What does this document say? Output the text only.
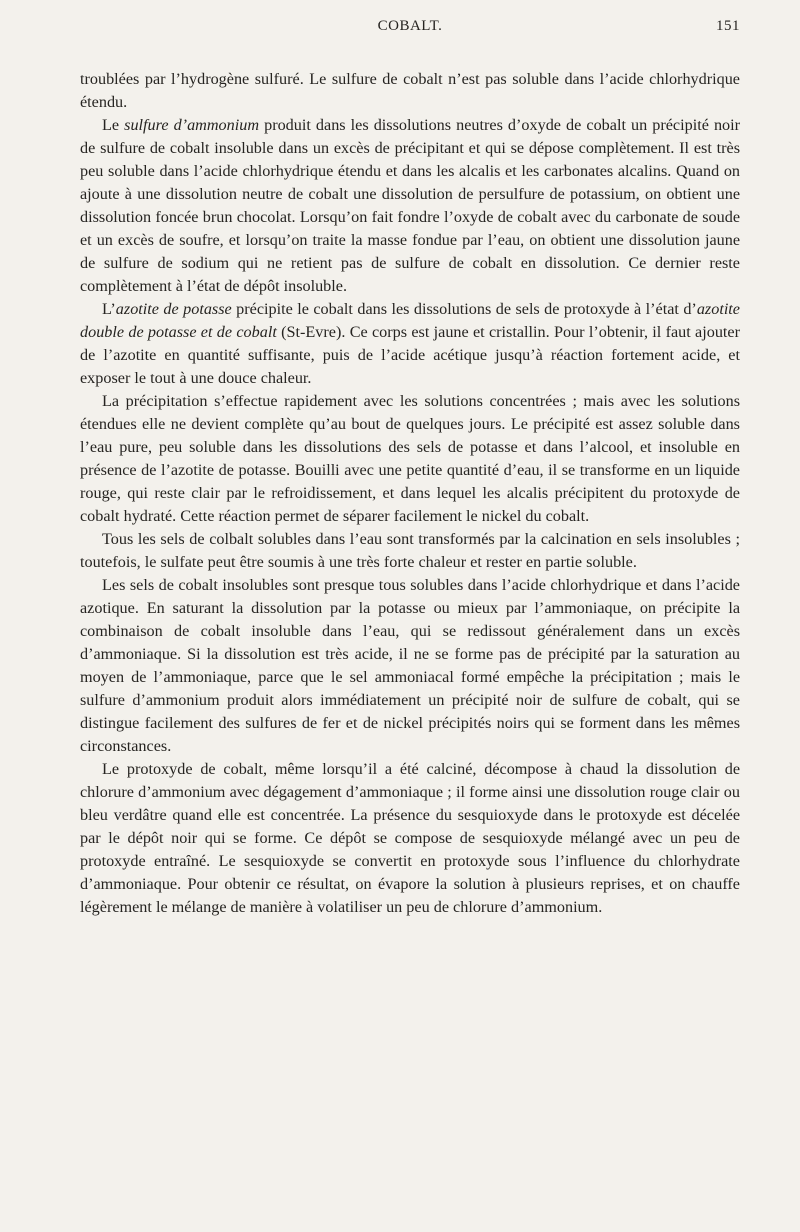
COBALT.	151

troublées par l’hydrogène sulfuré. Le sulfure de cobalt n’est pas soluble dans l’acide chlorhydrique étendu.

Le sulfure d’ammonium produit dans les dissolutions neutres d’oxyde de cobalt un précipité noir de sulfure de cobalt insoluble dans un excès de précipitant et qui se dépose complètement. Il est très peu soluble dans l’acide chlorhydrique étendu et dans les alcalis et les carbonates alcalins. Quand on ajoute à une dissolution neutre de cobalt une dissolution de persulfure de potassium, on obtient une dissolution foncée brun chocolat. Lorsqu’on fait fondre l’oxyde de cobalt avec du carbonate de soude et un excès de soufre, et lorsqu’on traite la masse fondue par l’eau, on obtient une dissolution jaune de sulfure de sodium qui ne retient pas de sulfure de cobalt en dissolution. Ce dernier reste complètement à l’état de dépôt insoluble.

L’azotite de potasse précipite le cobalt dans les dissolutions de sels de protoxyde à l’état d’azotite double de potasse et de cobalt (St-Evre). Ce corps est jaune et cristallin. Pour l’obtenir, il faut ajouter de l’azotite en quantité suffisante, puis de l’acide acétique jusqu’à réaction fortement acide, et exposer le tout à une douce chaleur.

La précipitation s’effectue rapidement avec les solutions concentrées ; mais avec les solutions étendues elle ne devient complète qu’au bout de quelques jours. Le précipité est assez soluble dans l’eau pure, peu soluble dans les dissolutions des sels de potasse et dans l’alcool, et insoluble en présence de l’azotite de potasse. Bouilli avec une petite quantité d’eau, il se transforme en un liquide rouge, qui reste clair par le refroidissement, et dans lequel les alcalis précipitent du protoxyde de cobalt hydraté. Cette réaction permet de séparer facilement le nickel du cobalt.

Tous les sels de colbalt solubles dans l’eau sont transformés par la calcination en sels insolubles ; toutefois, le sulfate peut être soumis à une très forte chaleur et rester en partie soluble.

Les sels de cobalt insolubles sont presque tous solubles dans l’acide chlorhydrique et dans l’acide azotique. En saturant la dissolution par la potasse ou mieux par l’ammoniaque, on précipite la combinaison de cobalt insoluble dans l’eau, qui se redissout généralement dans un excès d’ammoniaque. Si la dissolution est très acide, il ne se forme pas de précipité par la saturation au moyen de l’ammoniaque, parce que le sel ammoniacal formé empêche la précipitation ; mais le sulfure d’ammonium produit alors immédiatement un précipité noir de sulfure de cobalt, qui se distingue facilement des sulfures de fer et de nickel précipités noirs qui se forment dans les mêmes circonstances.

Le protoxyde de cobalt, même lorsqu’il a été calciné, décompose à chaud la dissolution de chlorure d’ammonium avec dégagement d’ammoniaque ; il forme ainsi une dissolution rouge clair ou bleu verdâtre quand elle est concentrée. La présence du sesquioxyde dans le protoxyde est décelée par le dépôt noir qui se forme. Ce dépôt se compose de sesquioxyde mélangé avec un peu de protoxyde entraîné. Le sesquioxyde se convertit en protoxyde sous l’influence du chlorhydrate d’ammoniaque. Pour obtenir ce résultat, on évapore la solution à plusieurs reprises, et on chauffe légèrement le mélange de manière à volatiliser un peu de chlorure d’ammonium.
